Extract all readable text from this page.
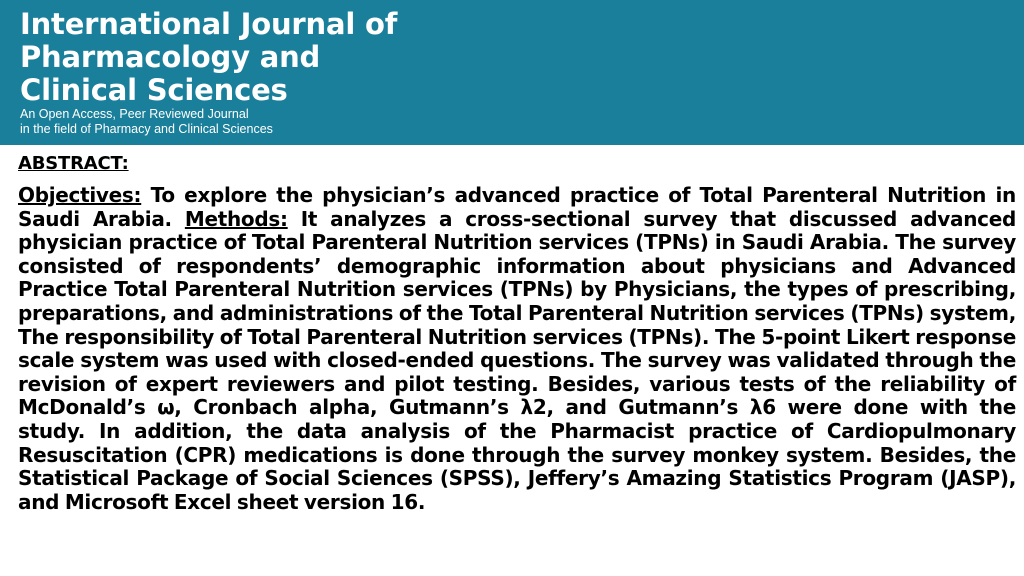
International Journal of
Pharmacology and
Clinical Sciences
An Open Access, Peer Reviewed Journal
in the field of Pharmacy and Clinical Sciences
ABSTRACT:
Objectives: To explore the physician’s advanced practice of Total Parenteral Nutrition in Saudi Arabia. Methods: It analyzes a cross-sectional survey that discussed advanced physician practice of Total Parenteral Nutrition services (TPNs) in Saudi Arabia. The survey consisted of respondents’ demographic information about physicians and Advanced Practice Total Parenteral Nutrition services (TPNs) by Physicians, the types of prescribing, preparations, and administrations of the Total Parenteral Nutrition services (TPNs) system, The responsibility of Total Parenteral Nutrition services (TPNs). The 5-point Likert response scale system was used with closed-ended questions. The survey was validated through the revision of expert reviewers and pilot testing. Besides, various tests of the reliability of McDonald’s ω, Cronbach alpha, Gutmann’s λ2, and Gutmann’s λ6 were done with the study. In addition, the data analysis of the Pharmacist practice of Cardiopulmonary Resuscitation (CPR) medications is done through the survey monkey system. Besides, the Statistical Package of Social Sciences (SPSS), Jeffery’s Amazing Statistics Program (JASP), and Microsoft Excel sheet version 16.
